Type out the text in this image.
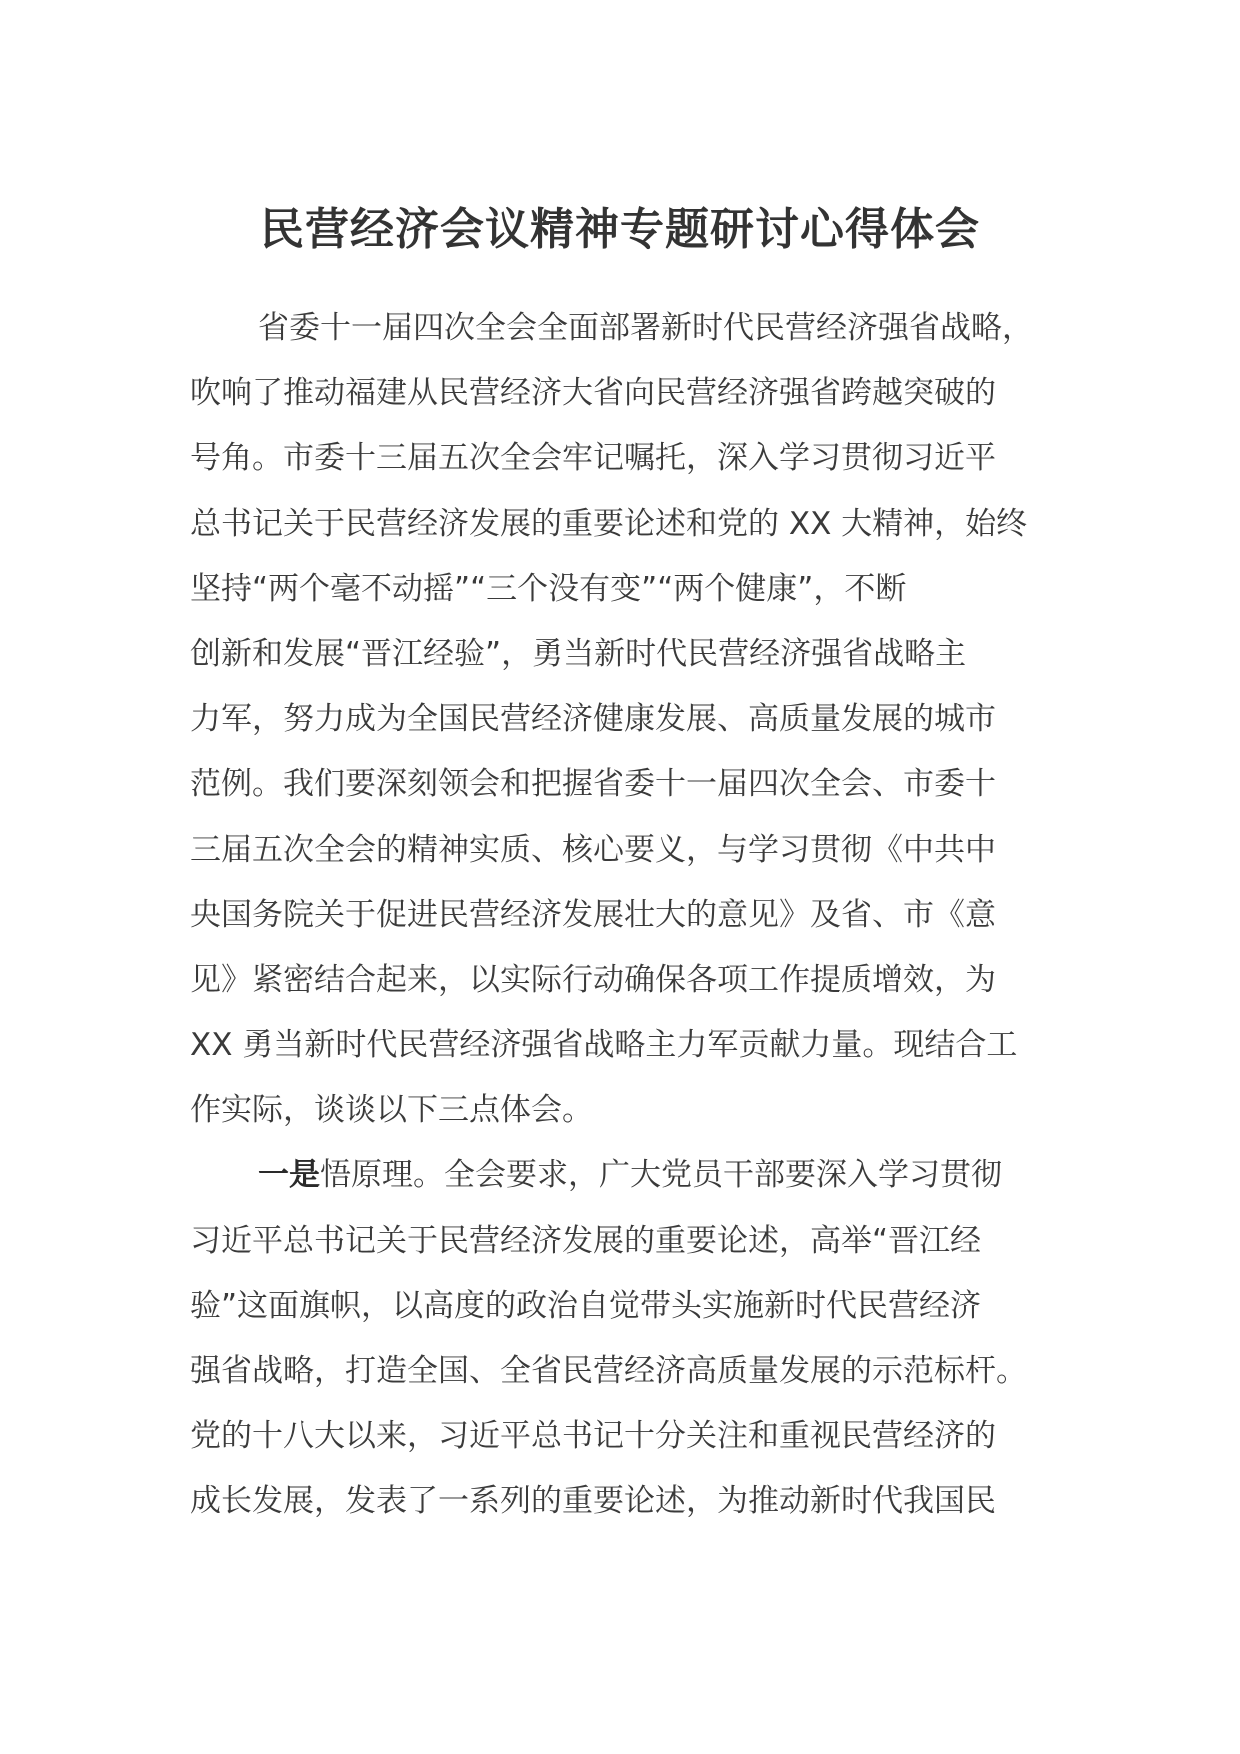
民营经济会议精神专题研讨心得体会
省委十一届四次全会全面部署新时代民营经济强省战略，
吹响了推动福建从民营经济大省向民营经济强省跨越突破的
号角。市委十三届五次全会牢记嘱托，深入学习贯彻习近平
总书记关于民营经济发展的重要论述和党的 XX 大精神，始终
坚持“两个毫不动摇”“三个没有变”“两个健康”，不断
创新和发展“晋江经验”，勇当新时代民营经济强省战略主
力军，努力成为全国民营经济健康发展、高质量发展的城市
范例。我们要深刻领会和把握省委十一届四次全会、市委十
三届五次全会的精神实质、核心要义，与学习贯彻《中共中
央国务院关于促进民营经济发展壮大的意见》及省、市《意
见》紧密结合起来，以实际行动确保各项工作提质增效，为
XX 勇当新时代民营经济强省战略主力军贡献力量。现结合工
作实际，谈谈以下三点体会。
一是悟原理。全会要求，广大党员干部要深入学习贯彻
习近平总书记关于民营经济发展的重要论述，高举“晋江经
验”这面旗帜，以高度的政治自觉带头实施新时代民营经济
强省战略，打造全国、全省民营经济高质量发展的示范标杆。
党的十八大以来，习近平总书记十分关注和重视民营经济的
成长发展，发表了一系列的重要论述，为推动新时代我国民
